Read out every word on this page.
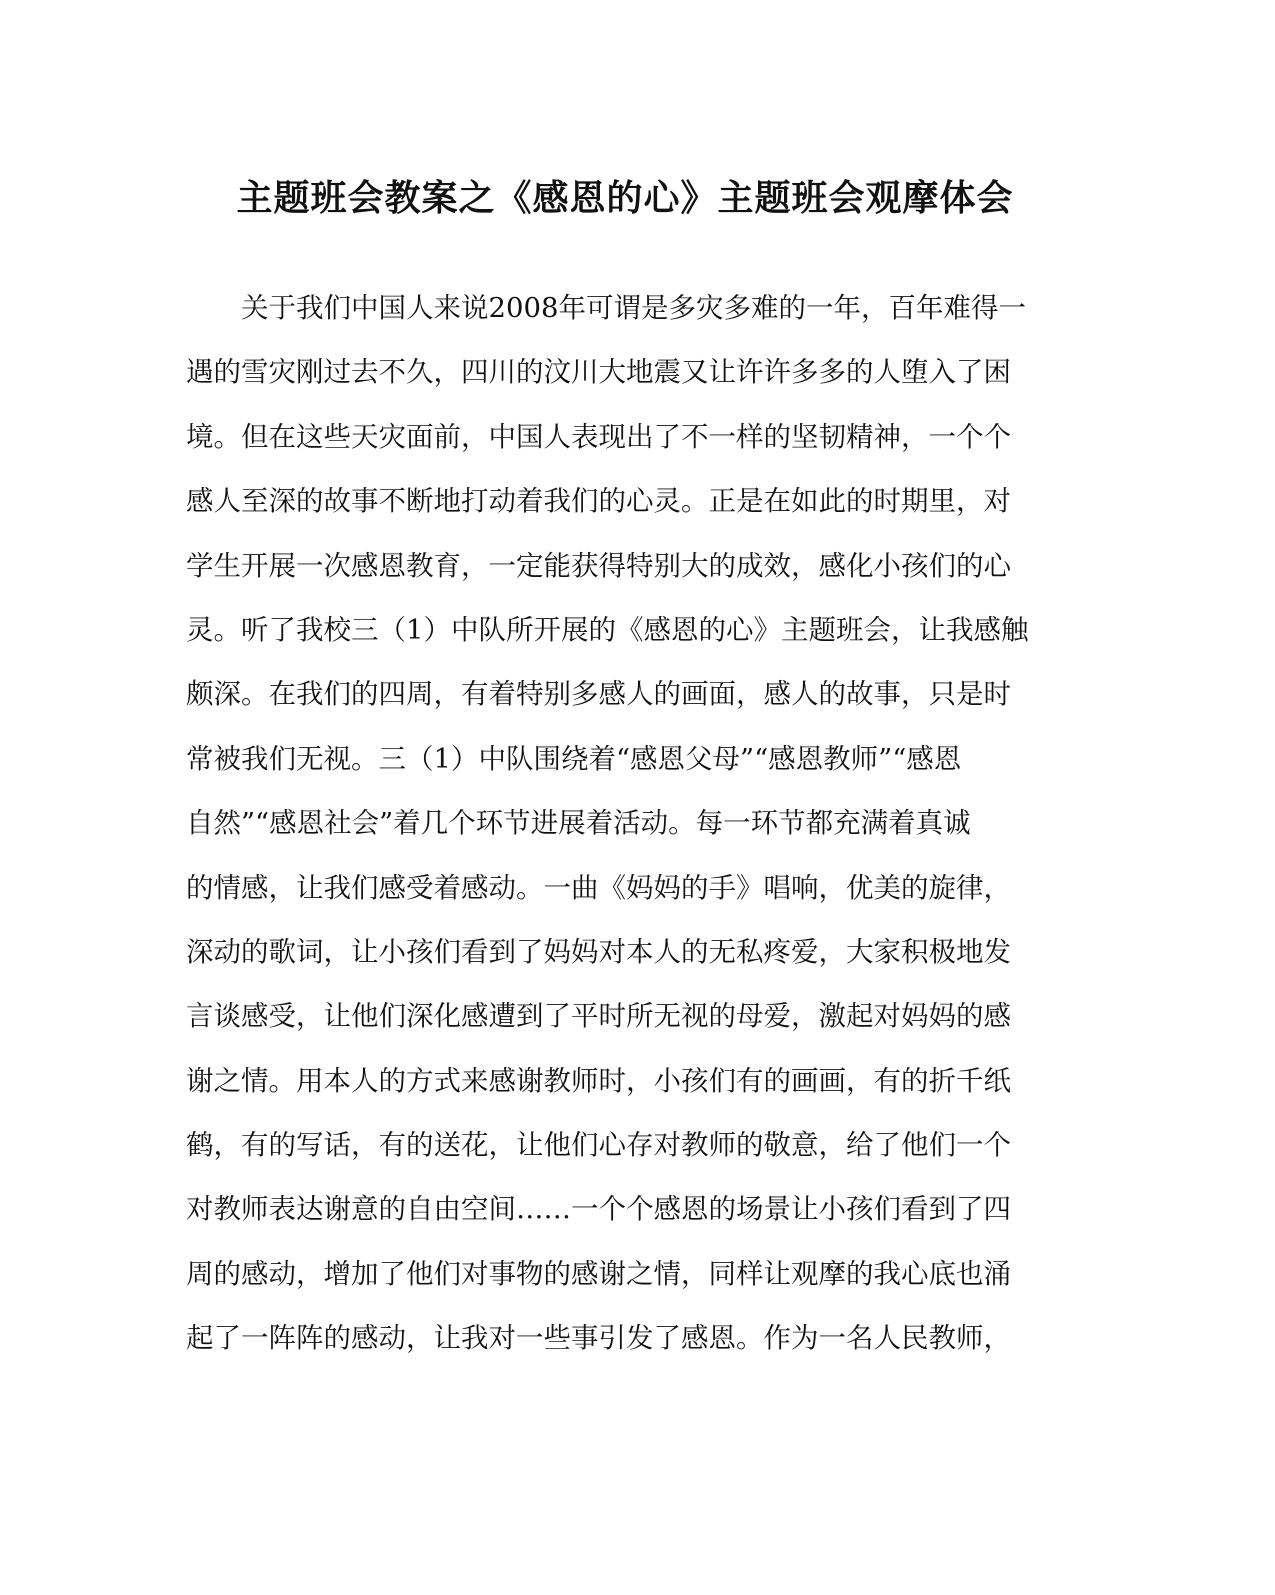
主题班会教案之《感恩的心》主题班会观摩体会
　　关于我们中国人来说2008年可谓是多灾多难的一年，百年难得一
遇的雪灾刚过去不久，四川的汶川大地震又让许许多多的人堕入了困
境。但在这些天灾面前，中国人表现出了不一样的坚韧精神，一个个
感人至深的故事不断地打动着我们的心灵。正是在如此的时期里，对
学生开展一次感恩教育，一定能获得特别大的成效，感化小孩们的心
灵。听了我校三（1）中队所开展的《感恩的心》主题班会，让我感触
颇深。在我们的四周，有着特别多感人的画面，感人的故事，只是时
常被我们无视。三（1）中队围绕着“感恩父母”“感恩教师”“感恩
自然”“感恩社会”着几个环节进展着活动。每一环节都充满着真诚
的情感，让我们感受着感动。一曲《妈妈的手》唱响，优美的旋律，
深动的歌词，让小孩们看到了妈妈对本人的无私疼爱，大家积极地发
言谈感受，让他们深化感遭到了平时所无视的母爱，激起对妈妈的感
谢之情。用本人的方式来感谢教师时，小孩们有的画画，有的折千纸
鹤，有的写话，有的送花，让他们心存对教师的敬意，给了他们一个
对教师表达谢意的自由空间……一个个感恩的场景让小孩们看到了四
周的感动，增加了他们对事物的感谢之情，同样让观摩的我心底也涌
起了一阵阵的感动，让我对一些事引发了感恩。作为一名人民教师，
